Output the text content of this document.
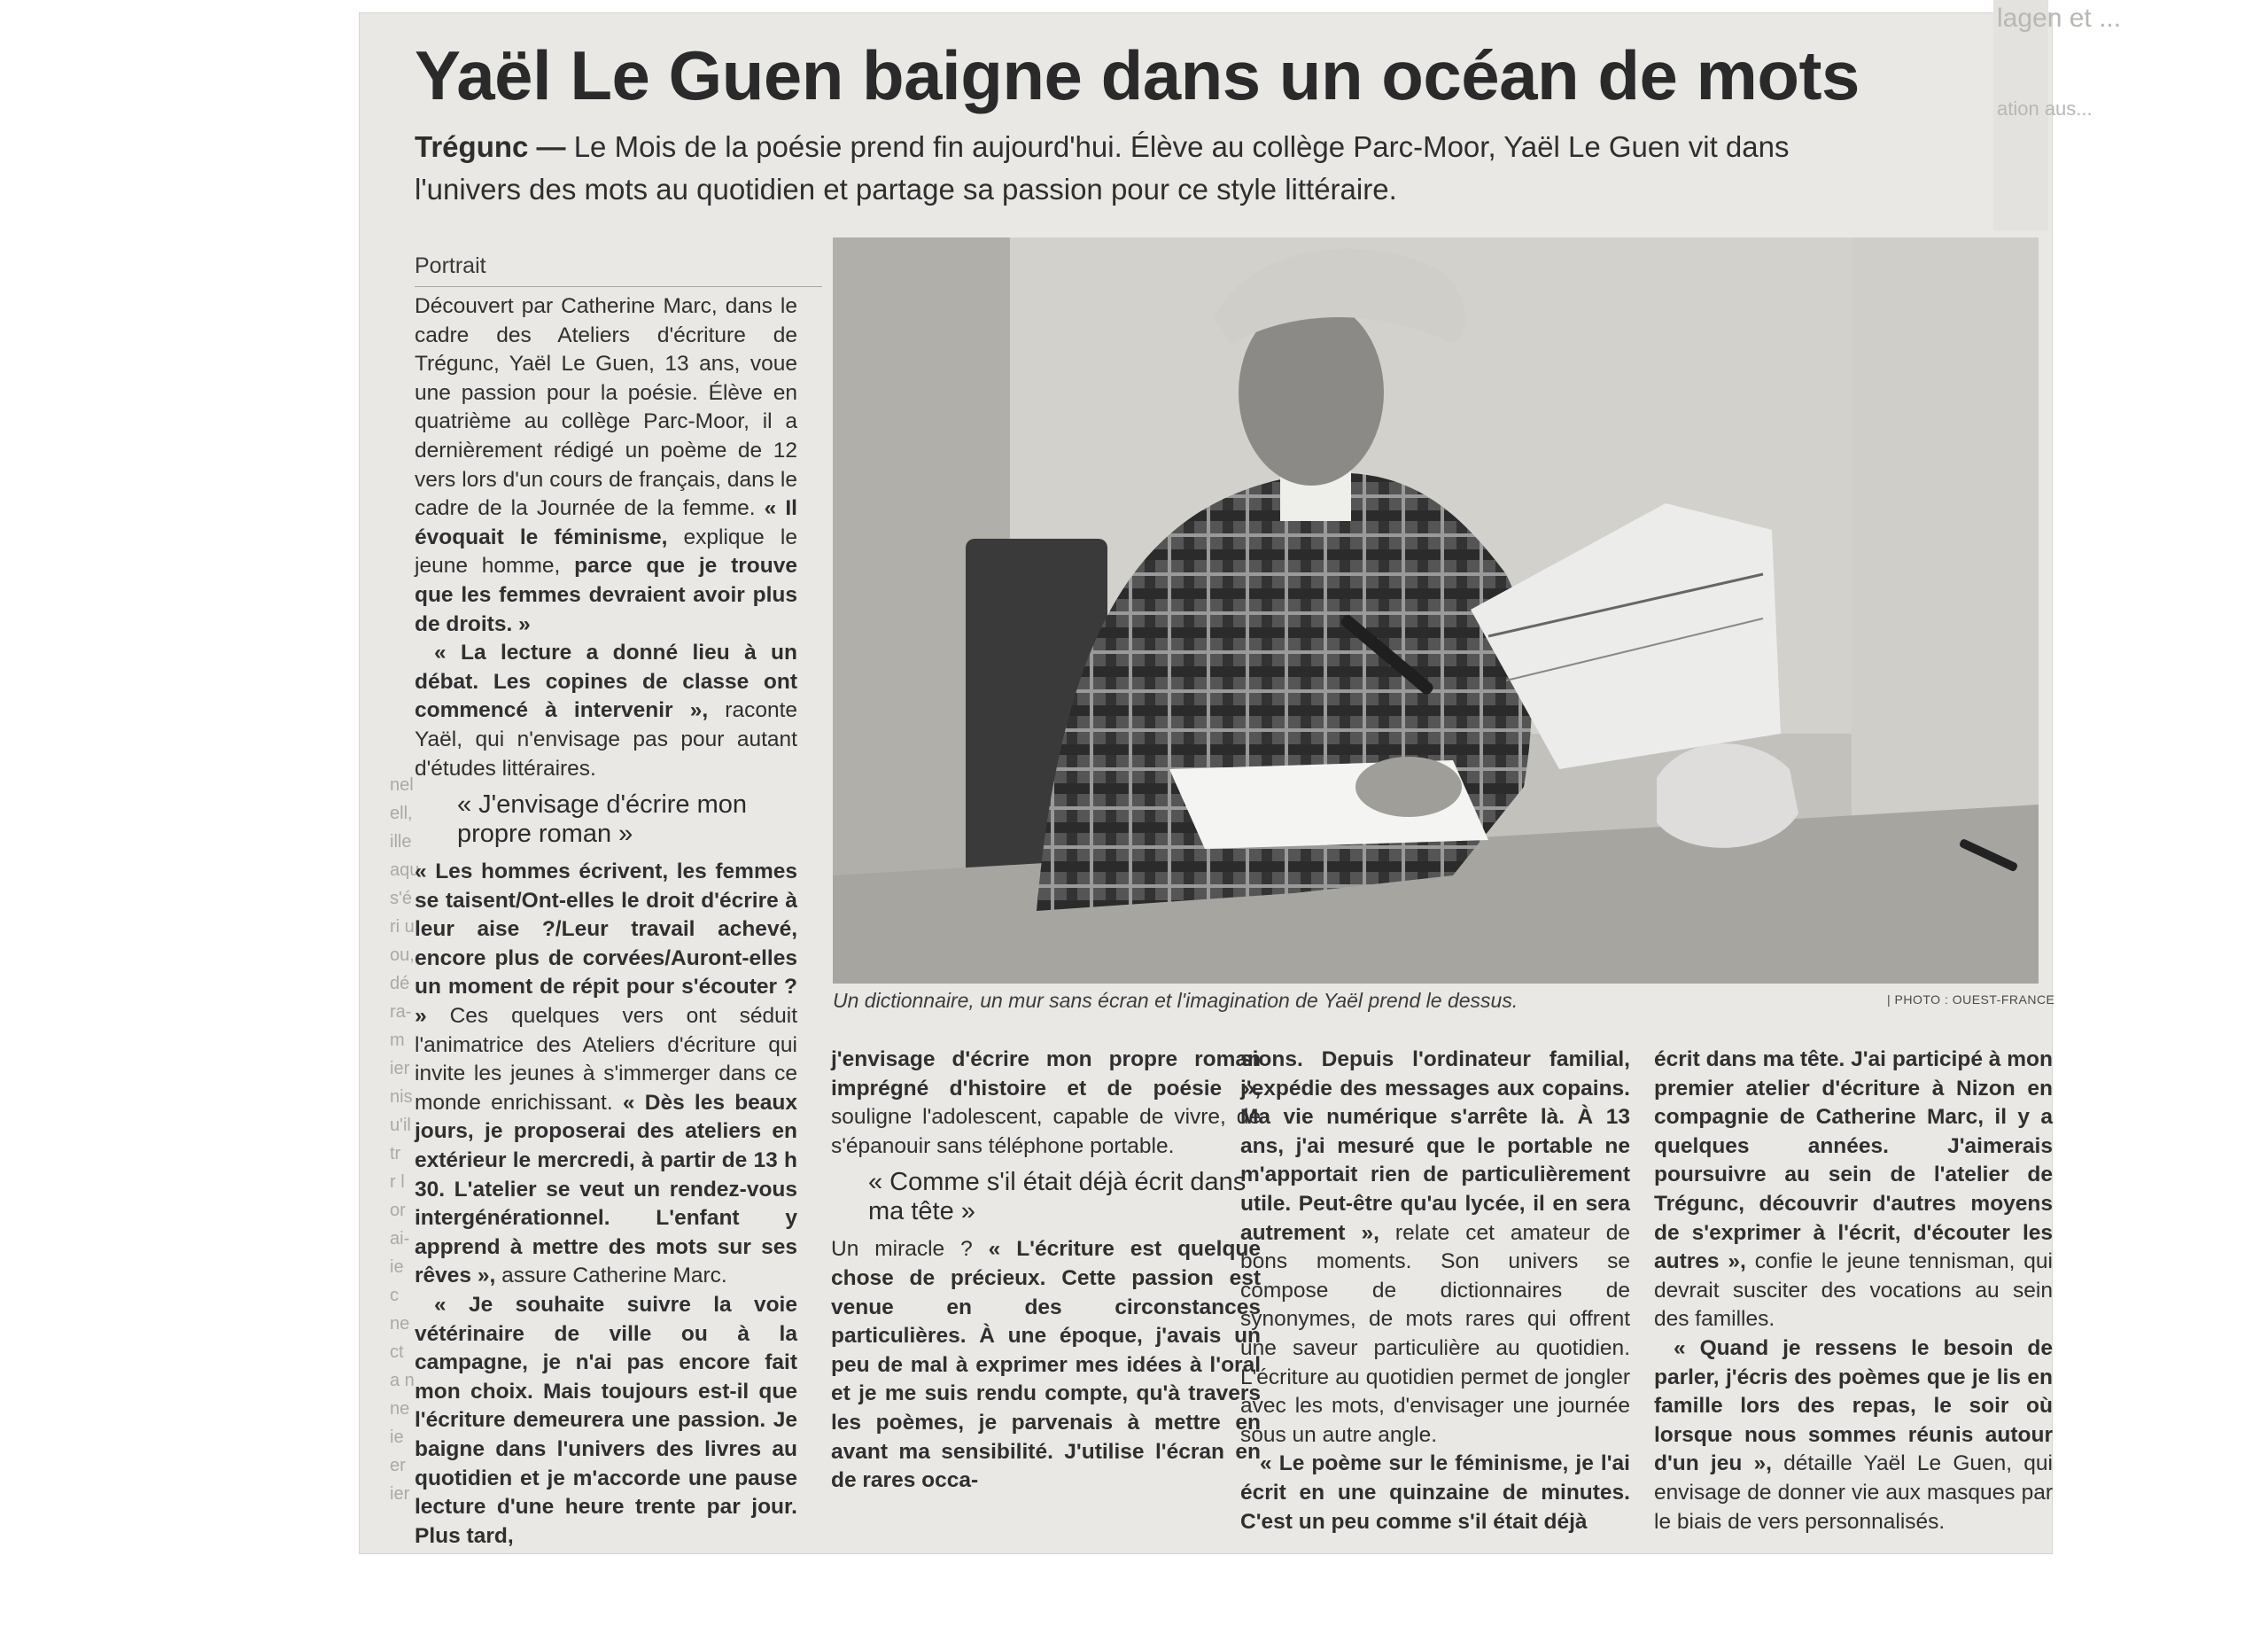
lagen et ...
ation aus...
nel
ell,
ille
aqu
s'é
ri u
ou,
dé
ra-
m
ier
nis
u'il
tr
r l
or
ai-
ie
c
ne
ct
a n
ne
ie
er
ier
Yaël Le Guen baigne dans un océan de mots
Trégunc — Le Mois de la poésie prend fin aujourd'hui. Élève au collège Parc-Moor, Yaël Le Guen vit dans l'univers des mots au quotidien et partage sa passion pour ce style littéraire.
Portrait

Découvert par Catherine Marc, dans le cadre des Ateliers d'écriture de Trégunc, Yaël Le Guen, 13 ans, voue une passion pour la poésie. Élève en quatrième au collège Parc-Moor, il a dernièrement rédigé un poème de 12 vers lors d'un cours de français, dans le cadre de la Journée de la femme. « Il évoquait le féminisme, explique le jeune homme, parce que je trouve que les femmes devraient avoir plus de droits. »

« La lecture a donné lieu à un débat. Les copines de classe ont commencé à intervenir », raconte Yaël, qui n'envisage pas pour autant d'études littéraires.

« J'envisage d'écrire mon propre roman »

« Les hommes écrivent, les femmes se taisent/Ont-elles le droit d'écrire à leur aise ?/Leur travail achevé, encore plus de corvées/Auront-elles un moment de répit pour s'écouter ? » Ces quelques vers ont séduit l'animatrice des Ateliers d'écriture qui invite les jeunes à s'immerger dans ce monde enrichissant. « Dès les beaux jours, je proposerai des ateliers en extérieur le mercredi, à partir de 13 h 30. L'atelier se veut un rendez-vous intergénérationnel. L'enfant y apprend à mettre des mots sur ses rêves », assure Catherine Marc.

« Je souhaite suivre la voie vétérinaire de ville ou à la campagne, je n'ai pas encore fait mon choix. Mais toujours est-il que l'écriture demeurera une passion. Je baigne dans l'univers des livres au quotidien et je m'accorde une pause lecture d'une heure trente par jour. Plus tard,

Un dictionnaire, un mur sans écran et l'imagination de Yaël prend le dessus.	| PHOTO : OUEST-FRANCE

j'envisage d'écrire mon propre roman imprégné d'histoire et de poésie », souligne l'adolescent, capable de vivre, de s'épanouir sans téléphone portable.

« Comme s'il était déjà écrit dans ma tête »

Un miracle ? « L'écriture est quelque chose de précieux. Cette passion est venue en des circonstances particulières. À une époque, j'avais un peu de mal à exprimer mes idées à l'oral et je me suis rendu compte, qu'à travers les poèmes, je parvenais à mettre en avant ma sensibilité. J'utilise l'écran en de rares occa-

sions. Depuis l'ordinateur familial, j'expédie des messages aux copains. Ma vie numérique s'arrête là. À 13 ans, j'ai mesuré que le portable ne m'apportait rien de particulièrement utile. Peut-être qu'au lycée, il en sera autrement », relate cet amateur de bons moments. Son univers se compose de dictionnaires de synonymes, de mots rares qui offrent une saveur particulière au quotidien. L'écriture au quotidien permet de jongler avec les mots, d'envisager une journée sous un autre angle.

« Le poème sur le féminisme, je l'ai écrit en une quinzaine de minutes. C'est un peu comme s'il était déjà

écrit dans ma tête. J'ai participé à mon premier atelier d'écriture à Nizon en compagnie de Catherine Marc, il y a quelques années. J'aimerais poursuivre au sein de l'atelier de Trégunc, découvrir d'autres moyens de s'exprimer à l'écrit, d'écouter les autres », confie le jeune tennisman, qui devrait susciter des vocations au sein des familles.

« Quand je ressens le besoin de parler, j'écris des poèmes que je lis en famille lors des repas, le soir où lorsque nous sommes réunis autour d'un jeu », détaille Yaël Le Guen, qui envisage de donner vie aux masques par le biais de vers personnalisés.
